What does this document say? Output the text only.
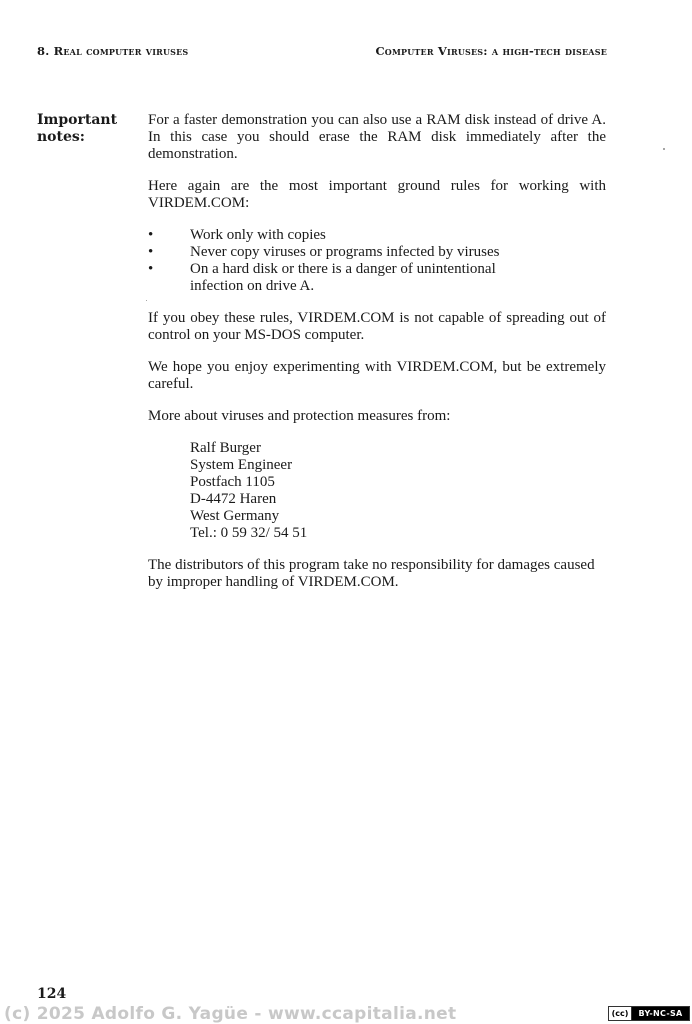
8. Real computer viruses	Computer Viruses: a high-tech disease
Important
notes:

For a faster demonstration you can also use a RAM disk instead of drive A. In this case you should erase the RAM disk immediately after the demonstration.

Here again are the most important ground rules for working with VIRDEM.COM:

•	Work only with copies
•	Never copy viruses or programs infected by viruses
•	On a hard disk or there is a danger of unintentional infection on drive A.

If you obey these rules, VIRDEM.COM is not capable of spreading out of control on your MS-DOS computer.

We hope you enjoy experimenting with VIRDEM.COM, but be extremely careful.

More about viruses and protection measures from:

Ralf Burger
System Engineer
Postfach 1105
D-4472 Haren
West Germany
Tel.: 0 59 32/ 54 51

The distributors of this program take no responsibility for damages caused by improper handling of VIRDEM.COM.

124
(c) 2025 Adolfo G. Yagüe - www.ccapitalia.net	(cc)	BY-NC-SA
